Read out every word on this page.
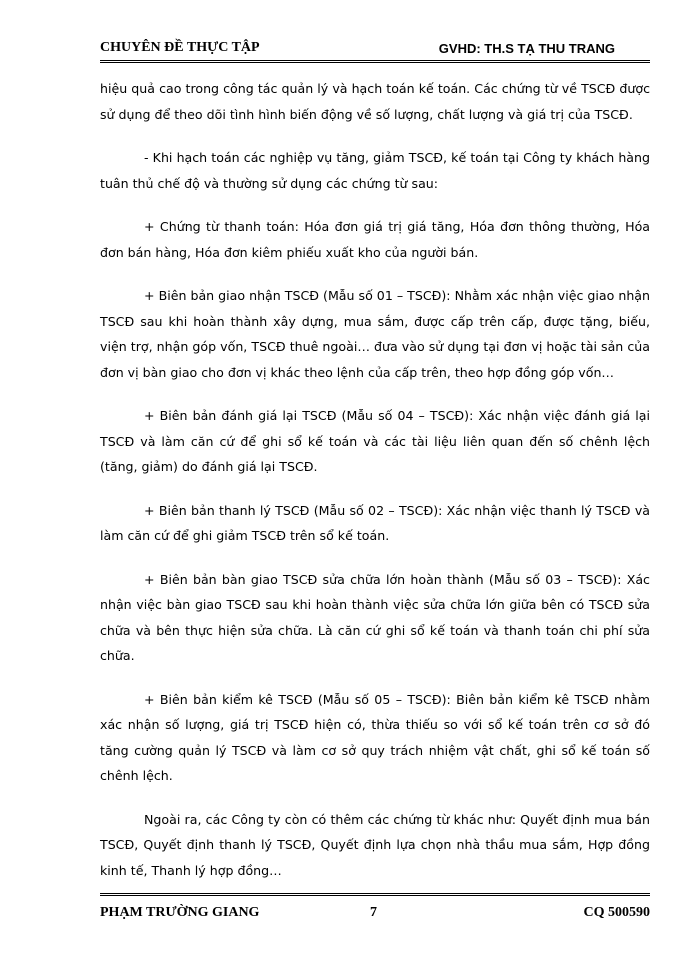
CHUYÊN ĐỀ THỰC TẬP	GVHD: TH.S TẠ THU TRANG

hiệu quả cao trong công tác quản lý và hạch toán kế toán. Các chứng từ về TSCĐ được sử dụng để theo dõi tình hình biến động về số lượng, chất lượng và giá trị của TSCĐ.

- Khi hạch toán các nghiệp vụ tăng, giảm TSCĐ, kế toán tại Công ty khách hàng tuân thủ chế độ và thường sử dụng các chứng từ sau:

+ Chứng từ thanh toán: Hóa đơn giá trị giá tăng, Hóa đơn thông thường, Hóa đơn bán hàng, Hóa đơn kiêm phiếu xuất kho của người bán.

+ Biên bản giao nhận TSCĐ (Mẫu số 01 – TSCĐ): Nhằm xác nhận việc giao nhận TSCĐ sau khi hoàn thành xây dựng, mua sắm, được cấp trên cấp, được tặng, biếu, viện trợ, nhận góp vốn, TSCĐ thuê ngoài… đưa vào sử dụng tại đơn vị hoặc tài sản của đơn vị bàn giao cho đơn vị khác theo lệnh của cấp trên, theo hợp đồng góp vốn…

+ Biên bản đánh giá lại TSCĐ (Mẫu số 04 – TSCĐ): Xác nhận việc đánh giá lại TSCĐ và làm căn cứ để ghi sổ kế toán và các tài liệu liên quan đến số chênh lệch (tăng, giảm) do đánh giá lại TSCĐ.

+ Biên bản thanh lý TSCĐ (Mẫu số 02 – TSCĐ): Xác nhận việc thanh lý TSCĐ và làm căn cứ để ghi giảm TSCĐ trên sổ kế toán.

+ Biên bản bàn giao TSCĐ sửa chữa lớn hoàn thành (Mẫu số 03 – TSCĐ): Xác nhận việc bàn giao TSCĐ sau khi hoàn thành việc sửa chữa lớn giữa bên có TSCĐ sửa chữa và bên thực hiện sửa chữa. Là căn cứ ghi sổ kế toán và thanh toán chi phí sửa chữa.

+ Biên bản kiểm kê TSCĐ (Mẫu số 05 – TSCĐ): Biên bản kiểm kê TSCĐ nhằm xác nhận số lượng, giá trị TSCĐ hiện có, thừa thiếu so với sổ kế toán trên cơ sở đó tăng cường quản lý TSCĐ và làm cơ sở quy trách nhiệm vật chất, ghi sổ kế toán số chênh lệch.

Ngoài ra, các Công ty còn có thêm các chứng từ khác như: Quyết định mua bán TSCĐ, Quyết định thanh lý TSCĐ, Quyết định lựa chọn nhà thầu mua sắm, Hợp đồng kinh tế, Thanh lý hợp đồng…

PHẠM TRƯỜNG GIANG	7	CQ 500590
